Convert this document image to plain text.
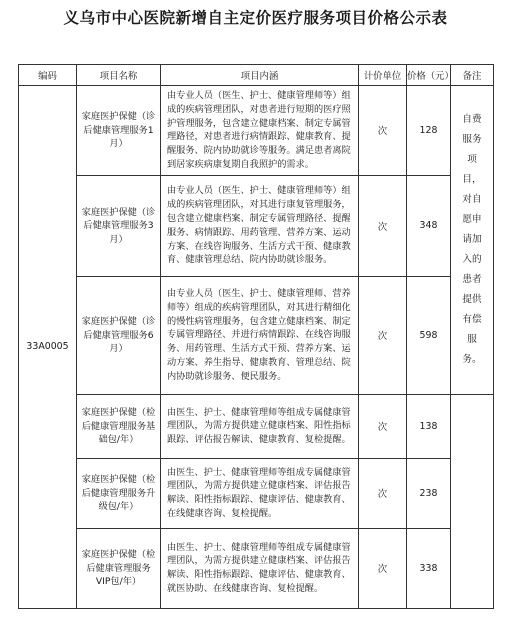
义乌市中心医院新增自主定价医疗服务项目价格公示表
编码	项目名称	项目内涵	计价单位	价格（元）	备注
33A0005	家庭医护保健（诊后健康管理服务1月）	由专业人员（医生、护士、健康管理师等）组成的疾病管理团队，对患者进行短期的医疗照护管理服务，包含建立健康档案、制定专属管理路径，对患者进行病情跟踪、健康教育、提醒服务、院内协助就诊等服务。满足患者离院到居家疾病康复期自我照护的需求。	次	128	自费服务项目，对自愿申请加入的患者提供有偿服务。
	家庭医护保健（诊后健康管理服务3月）	由专业人员（医生、护士、健康管理师等）组成的疾病管理团队，对其进行康复管理服务，包含建立健康档案、制定专属管理路径、提醒服务、病情跟踪、用药管理、营养方案、运动方案、在线咨询服务、生活方式干预、健康教育、健康管理总结、院内协助就诊服务。	次	348	
	家庭医护保健（诊后健康管理服务6月）	由专业人员（医生、护士、健康管理师、营养师等）组成的疾病管理团队，对其进行精细化的慢性病管理服务，包含建立健康档案、制定专属管理路径、并进行病情跟踪、在线咨询服务、用药管理、生活方式干预、营养方案、运动方案、养生指导、健康教育、管理总结、院内协助就诊服务、便民服务。	次	598	
	家庭医护保健（检后健康管理服务基础包/年）	由医生、护士、健康管理师等组成专属健康管理团队，为需方提供建立健康档案、阳性指标跟踪、评估报告解读、健康教育、复检提醒。	次	138	
	家庭医护保健（检后健康管理服务升级包/年）	由医生、护士、健康管理师等组成专属健康管理团队，为需方提供建立健康档案、评估报告解读、阳性指标跟踪、健康评估、健康教育、在线健康咨询、复检提醒。	次	238	
	家庭医护保健（检后健康管理服务VIP包/年）	由医生、护士、健康管理师等组成专属健康管理团队，为需方提供建立健康档案、评估报告解读、阳性指标跟踪、健康评估、健康教育、就医协助、在线健康咨询、复检提醒。	次	338	
